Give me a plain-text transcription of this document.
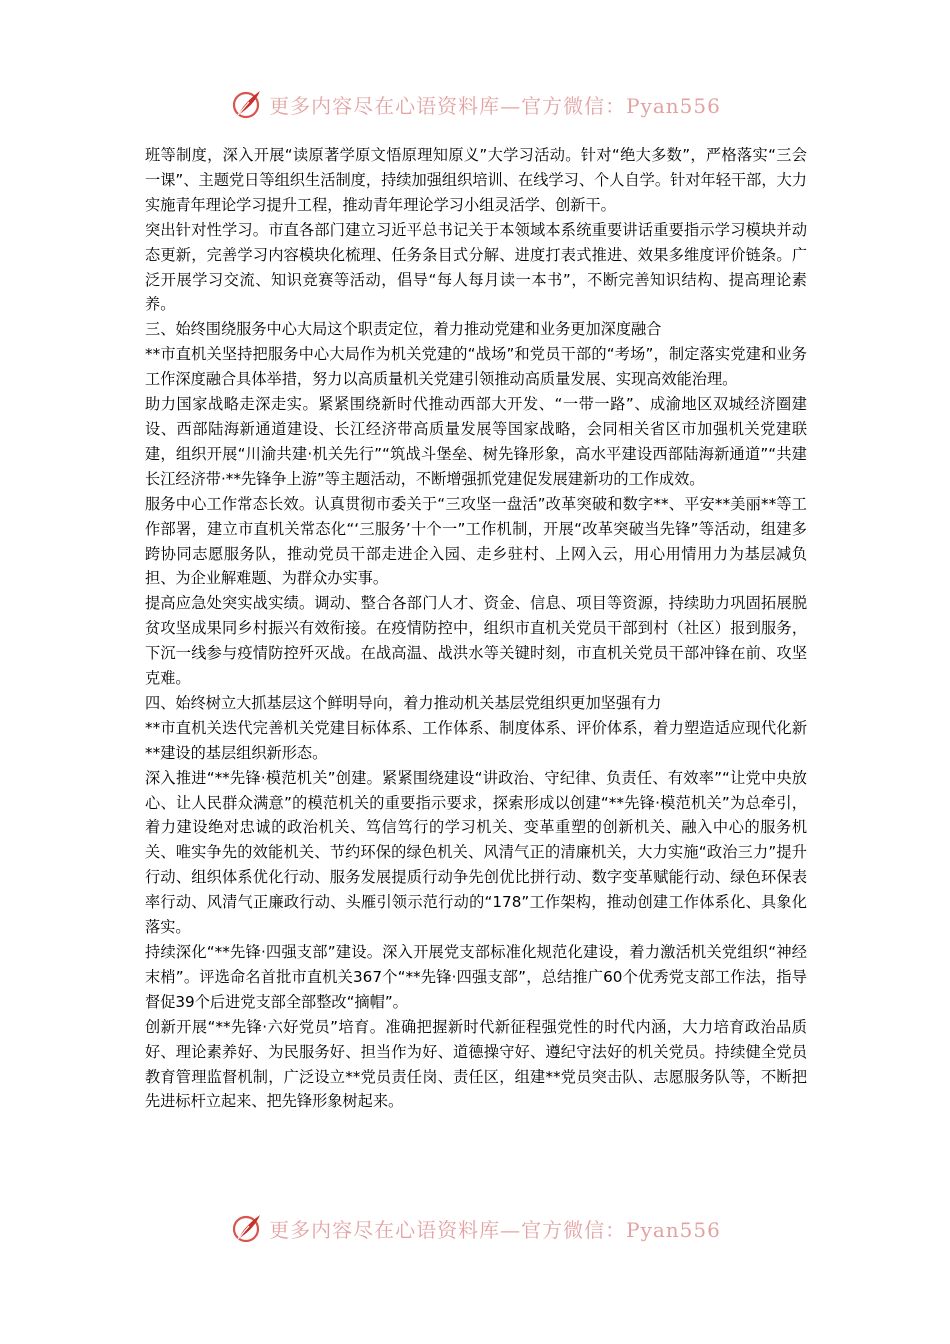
更多内容尽在心语资料库—官方微信：Pyan556

班等制度，深入开展“读原著学原文悟原理知原义”大学习活动。针对“绝大多数”，严格落实“三会一课”、主题党日等组织生活制度，持续加强组织培训、在线学习、个人自学。针对年轻干部，大力实施青年理论学习提升工程，推动青年理论学习小组灵活学、创新干。

突出针对性学习。市直各部门建立习近平总书记关于本领域本系统重要讲话重要指示学习模块并动态更新，完善学习内容模块化梳理、任务条目式分解、进度打表式推进、效果多维度评价链条。广泛开展学习交流、知识竞赛等活动，倡导“每人每月读一本书”，不断完善知识结构、提高理论素养。

三、始终围绕服务中心大局这个职责定位，着力推动党建和业务更加深度融合

**市直机关坚持把服务中心大局作为机关党建的“战场”和党员干部的“考场”，制定落实党建和业务工作深度融合具体举措，努力以高质量机关党建引领推动高质量发展、实现高效能治理。

助力国家战略走深走实。紧紧围绕新时代推动西部大开发、“一带一路”、成渝地区双城经济圈建设、西部陆海新通道建设、长江经济带高质量发展等国家战略，会同相关省区市加强机关党建联建，组织开展“川渝共建·机关先行”“筑战斗堡垒、树先锋形象，高水平建设西部陆海新通道”“共建长江经济带·**先锋争上游”等主题活动，不断增强抓党建促发展建新功的工作成效。

服务中心工作常态长效。认真贯彻市委关于“三攻坚一盘活”改革突破和数字**、平安**美丽**等工作部署，建立市直机关常态化“‘三服务’十个一”工作机制，开展“改革突破当先锋”等活动，组建多跨协同志愿服务队，推动党员干部走进企入园、走乡驻村、上网入云，用心用情用力为基层减负担、为企业解难题、为群众办实事。

提高应急处突实战实绩。调动、整合各部门人才、资金、信息、项目等资源，持续助力巩固拓展脱贫攻坚成果同乡村振兴有效衔接。在疫情防控中，组织市直机关党员干部到村（社区）报到服务，下沉一线参与疫情防控歼灭战。在战高温、战洪水等关键时刻，市直机关党员干部冲锋在前、攻坚克难。

四、始终树立大抓基层这个鲜明导向，着力推动机关基层党组织更加坚强有力

**市直机关迭代完善机关党建目标体系、工作体系、制度体系、评价体系，着力塑造适应现代化新**建设的基层组织新形态。

深入推进“**先锋·模范机关”创建。紧紧围绕建设“讲政治、守纪律、负责任、有效率”“让党中央放心、让人民群众满意”的模范机关的重要指示要求，探索形成以创建“**先锋·模范机关”为总牵引，着力建设绝对忠诚的政治机关、笃信笃行的学习机关、变革重塑的创新机关、融入中心的服务机关、唯实争先的效能机关、节约环保的绿色机关、风清气正的清廉机关，大力实施“政治三力”提升行动、组织体系优化行动、服务发展提质行动争先创优比拼行动、数字变革赋能行动、绿色环保表率行动、风清气正廉政行动、头雁引领示范行动的“178”工作架构，推动创建工作体系化、具象化落实。

持续深化“**先锋·四强支部”建设。深入开展党支部标准化规范化建设，着力激活机关党组织“神经末梢”。评选命名首批市直机关367个“**先锋·四强支部”，总结推广60个优秀党支部工作法，指导督促39个后进党支部全部整改“摘帽”。

创新开展“**先锋·六好党员”培育。准确把握新时代新征程强党性的时代内涵，大力培育政治品质好、理论素养好、为民服务好、担当作为好、道德操守好、遵纪守法好的机关党员。持续健全党员教育管理监督机制，广泛设立**党员责任岗、责任区，组建**党员突击队、志愿服务队等，不断把先进标杆立起来、把先锋形象树起来。

更多内容尽在心语资料库—官方微信：Pyan556
